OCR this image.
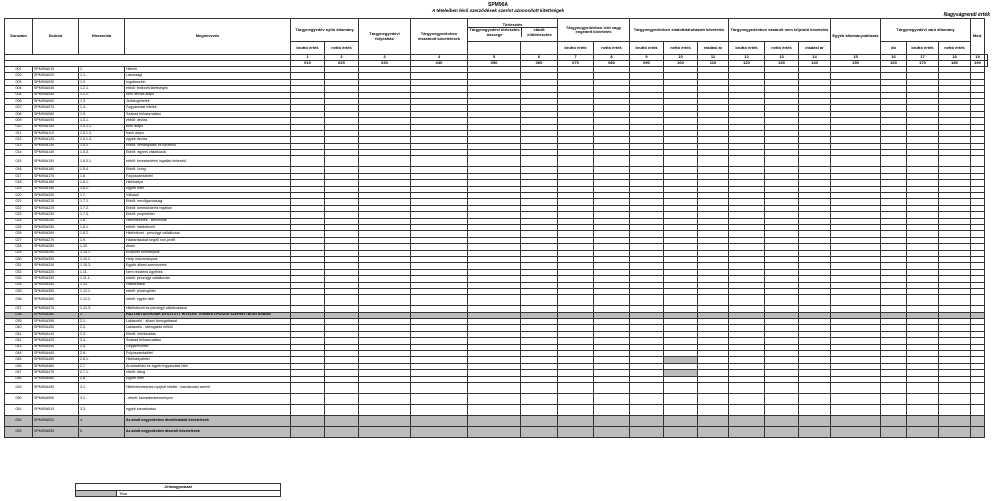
SPM90A
A tételeiben lévő szerződések szerint azonosított kitettségek
Nagyságrendi érték
Sorszám	Sorkód	Hierarchia	Megnevezés	Tárgynegyedév nyitó állomány		Tárgynegyedévi folyósítás	Tárgynegyedévben elszámolt követelések	Törlesztés
Tárgynegyedévi törlesztés összege
ebből: előtörlesztés		Tárgynegyedévben leírt vagy engedett követelés		Tárgynegyedévben eladott/átruházott követelés			Tárgynegyedévben vásárolt nem teljesítő követelés			Egyéb állományváltozás	Tárgynegyedévi záró állomány			Mód.	
				bruttó érték	nettó érték					bruttó érték	nettó érték	bruttó érték	nettó érték	eladási ár	bruttó érték	nettó érték	eladási ár		db	bruttó érték	nettó érték		
				1	2	3	4	5	6	7	8	9	10	11	12	13	14	15	16	17	18	19	
				010	020	030	040	050	060	070	080	090	100	110	120	130	140	150	160	170	180	190	
001	SPM90A010	1.	Hitelek																				
002	SPM90A020	1.1.	Lakossági																				
003	SPM90A030	1.2.	Ingatlancélú																				
004	SPM90A040	1.2.1.	ebből: fedezett kitettségek																				
005	SPM90A050	1.2.2.	nem deviza alapú																				
006	SPM90A060	1.3.	Jelzáloghitelek																				
007	SPM90A070	1.4.	Fogyasztási hitelek																				
008	SPM90A080	1.5.	Szabad felhasználású																				
009	SPM90A090	1.5.1.	ebből: deviza																				
010	SPM90A100	1.5.1.1.	euró alapú																				
011	SPM90A110	1.5.1.2.	frank alapú																				
012	SPM90A120	1.5.1.3.	egyéb deviza																				
013	SPM90A130	1.5.2.	Ebből: vendéglátás és turizmus																				
014	SPM90A140	1.5.3.	Ebből: egyéni vállalkozók																				
015	SPM90A150	1.5.3.1.	ebből: kereskedelmi ingatlan fedezetű																				
016	SPM90A160	1.5.4.	Ebből: lízing																				
017	SPM90A170	1.6.	Folyószámlahitel																				
018	SPM90A180	1.6.1.	Hitelkártya																				
019	SPM90A190	1.6.2.	Egyéb hitel																				
020	SPM90A200	1.7.	Vállalati																				
021	SPM90A210	1.7.1.	Ebből: mezőgazdasági																				
022	SPM90A220	1.7.2.	Ebből: kereskedelmi ingatlan																				
023	SPM90A230	1.7.3.	Ebből: projekthitel																				
024	SPM90A240	1.8.	Hitelintézetek - Besorolás																				
025	SPM90A250	1.8.1.	ebből: hitelintézeti																				
026	SPM90A260	1.8.2.	Hitelintézet - pénzügyi vállalkozás																				
027	SPM90A270	1.9.	Háztartásokat segítő non-profit																				
028	SPM90A280	1.10.	Állam																				
029	SPM90A290	1.10.1.	Központi kormányzat																				
030	SPM90A300	1.10.2.	Helyi önkormányzat																				
031	SPM90A310	1.10.3.	Egyéb állami szervezetek																				
032	SPM90A320	1.11.	Nem rezidens ügyfelek																				
033	SPM90A330	1.11.1.	ebből: pénzügyi vállalkozás																				
034	SPM90A340	1.12.	Háztartások																				
035	SPM90A350	1.12.1.	ebből: jelzáloghitel																				
036	SPM90A360	1.12.2.	ebből: egyéb hitel																				
037	SPM90A370	1.12.3.	Hitelintézeti és pénzügyi vállalkozások																				
038	SPM90A380	2.	HÁZTARTÁSOKNAK NYÚJTOTT HITELEK TERMÉKTÍPUSOK SZERINTI BONTÁSBAN																				
039	SPM90A390	2.1.	Lakáscélú - állami támogatással																				
040	SPM90A400	2.2.	Lakáscélú - támogatás nélkül																				
041	SPM90A410	2.3.	Ebből: hitelkiváltás																				
042	SPM90A420	2.4.	Szabad felhasználású																				
043	SPM90A430	2.5.	Gépjárműhitel																				
044	SPM90A440	2.6.	Folyószámlahitel																				
045	SPM90A450	2.6.1.	Hitelkártyahitel																				
046	SPM90A460	2.7.	Áruvásárlási és egyéb fogyasztási hitel																				
047	SPM90A470	2.7.1.	ebből: lízing																				
048	SPM90A480	2.8.	Egyéb hitel																				
049	SPM90A490	3.1.	Hitelintézeteknek nyújtott hitelek - kamatozási szerint																				
050	SPM90A500	3.2.	- ebből: kamatkedvezményes																				
051	SPM90A510	3.3.	egyéb kamatozású																				
052	SPM90A520	4.	Az adott negyedévben átvett/eladott követelések																				
053	SPM90A530	5.	Az adott negyedévben átsorolt követelések																				
Jelmagyarázat
	Tilos
